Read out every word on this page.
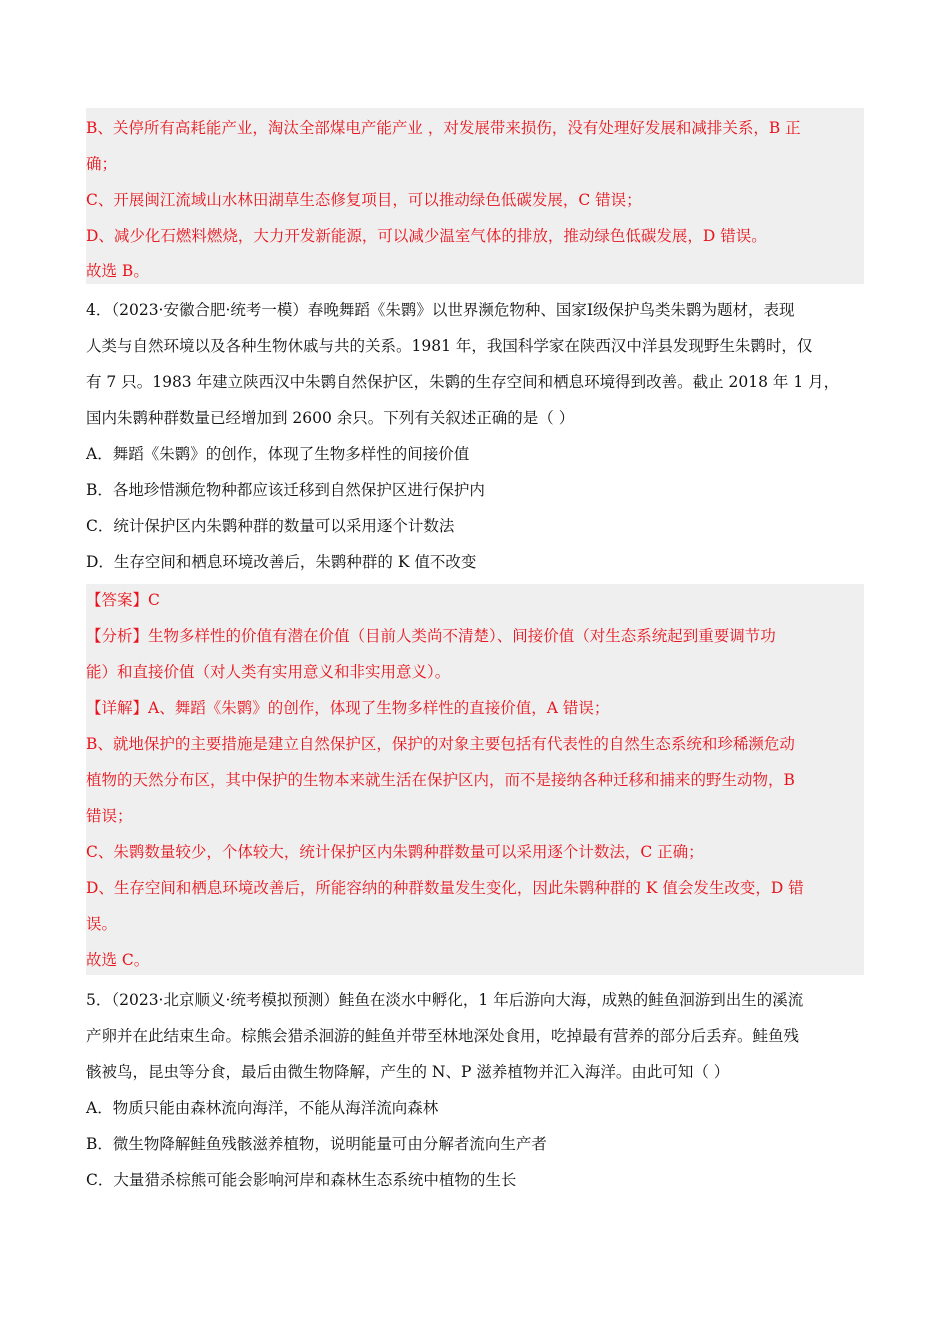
B、关停所有高耗能产业，淘汰全部煤电产能产业 ，对发展带来损伤，没有处理好发展和减排关系，B 正
确；
C、开展闽江流域山水林田湖草生态修复项目，可以推动绿色低碳发展，C 错误；
D、减少化石燃料燃烧，大力开发新能源，可以减少温室气体的排放，推动绿色低碳发展，D 错误。
故选 B。
4．（2023·安徽合肥·统考一模）春晚舞蹈《朱鹮》以世界濒危物种、国家Ⅰ级保护鸟类朱鹮为题材，表现
人类与自然环境以及各种生物休戚与共的关系。1981 年，我国科学家在陕西汉中洋县发现野生朱鹮时，仅
有 7 只。1983 年建立陕西汉中朱鹮自然保护区，朱鹮的生存空间和栖息环境得到改善。截止 2018 年 1 月，
国内朱鹮种群数量已经增加到 2600 余只。下列有关叙述正确的是（ ）
A．舞蹈《朱鹮》的创作，体现了生物多样性的间接价值
B．各地珍惜濒危物种都应该迁移到自然保护区进行保护内
C．统计保护区内朱鹮种群的数量可以采用逐个计数法
D．生存空间和栖息环境改善后，朱鹮种群的 K 值不改变
【答案】C
【分析】生物多样性的价值有潜在价值（目前人类尚不清楚）、间接价值（对生态系统起到重要调节功
能）和直接价值（对人类有实用意义和非实用意义）。
【详解】A、舞蹈《朱鹮》的创作，体现了生物多样性的直接价值，A 错误；
B、就地保护的主要措施是建立自然保护区，保护的对象主要包括有代表性的自然生态系统和珍稀濒危动
植物的天然分布区，其中保护的生物本来就生活在保护区内，而不是接纳各种迁移和捕来的野生动物，B
错误；
C、朱鹮数量较少，个体较大，统计保护区内朱鹮种群数量可以采用逐个计数法，C 正确；
D、生存空间和栖息环境改善后，所能容纳的种群数量发生变化，因此朱鹮种群的 K 值会发生改变，D 错
误。
故选 C。
5．（2023·北京顺义·统考模拟预测）鲑鱼在淡水中孵化，1 年后游向大海，成熟的鲑鱼洄游到出生的溪流
产卵并在此结束生命。棕熊会猎杀洄游的鲑鱼并带至林地深处食用，吃掉最有营养的部分后丢弃。鲑鱼残
骸被鸟，昆虫等分食，最后由微生物降解，产生的 N、P 滋养植物并汇入海洋。由此可知（ ）
A．物质只能由森林流向海洋，不能从海洋流向森林
B．微生物降解鲑鱼残骸滋养植物，说明能量可由分解者流向生产者
C．大量猎杀棕熊可能会影响河岸和森林生态系统中植物的生长
